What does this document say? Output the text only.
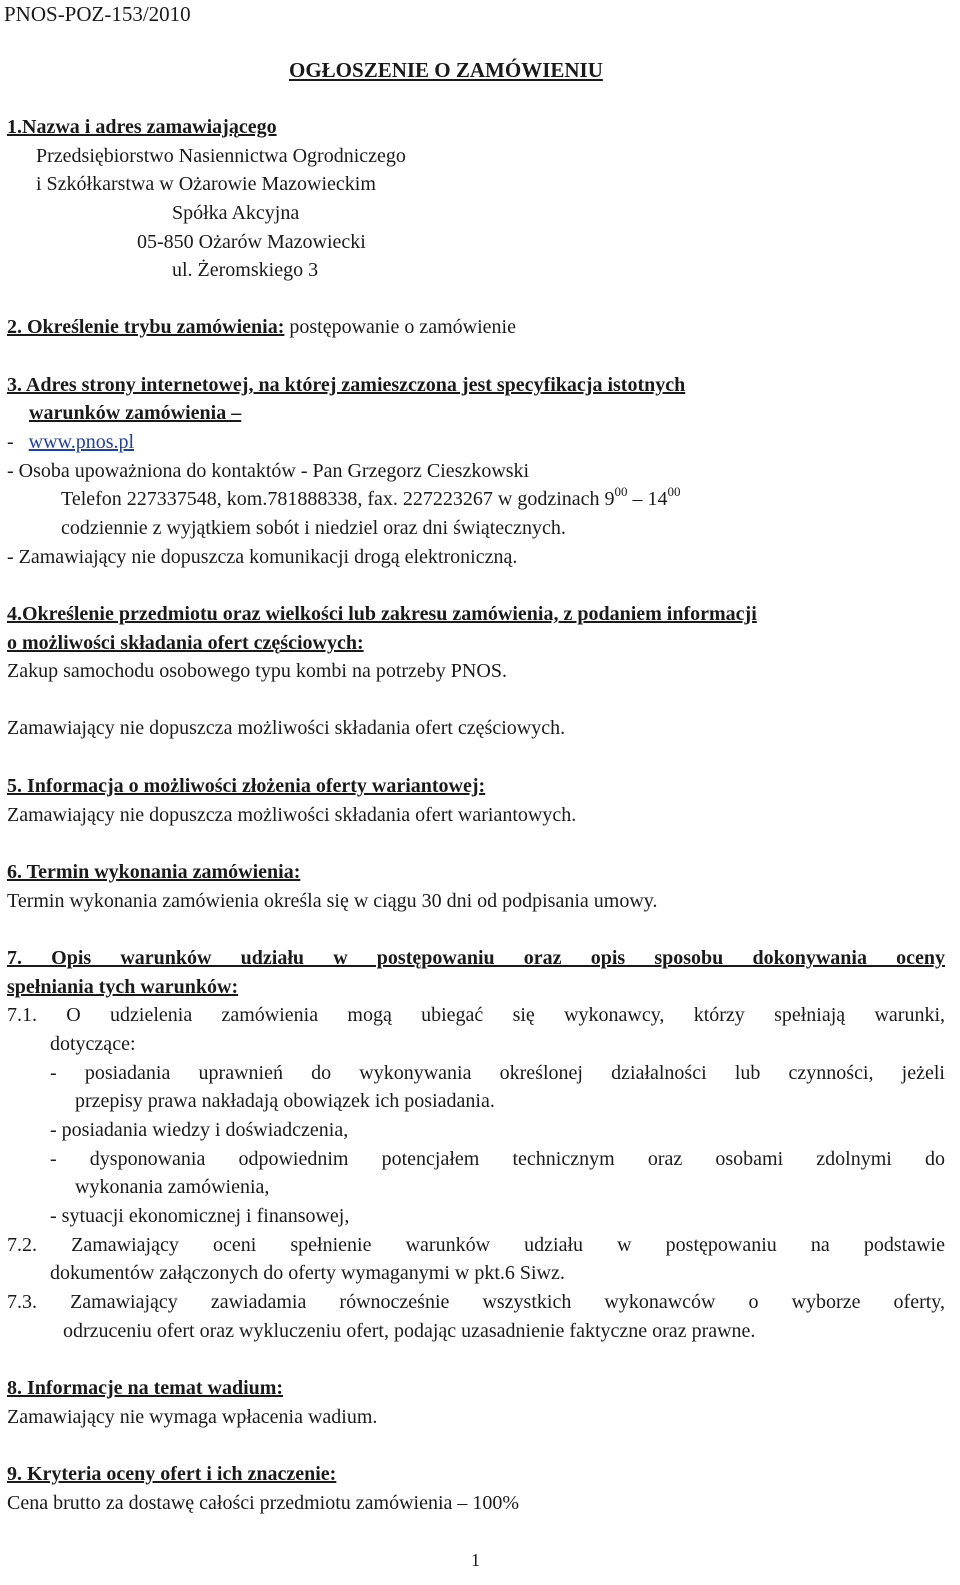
PNOS-POZ-153/2010
OGŁOSZENIE O ZAMÓWIENIU
1.Nazwa i adres zamawiającego
Przedsiębiorstwo Nasiennictwa Ogrodniczego
i Szkółkarstwa w Ożarowie Mazowieckim
Spółka Akcyjna
05-850 Ożarów Mazowiecki
ul. Żeromskiego 3
2. Określenie trybu zamówienia: postępowanie o zamówienie
3. Adres strony internetowej, na której zamieszczona jest specyfikacja istotnych
warunków zamówienia –
- www.pnos.pl
- Osoba upoważniona do kontaktów - Pan Grzegorz Cieszkowski
Telefon 227337548, kom.781888338, fax. 227223267 w godzinach $9^{00} - 14^{00}$
codziennie z wyjątkiem sobót i niedziel oraz dni świątecznych.
- Zamawiający nie dopuszcza komunikacji drogą elektroniczną.
4.Określenie przedmiotu oraz wielkości lub zakresu zamówienia, z podaniem informacji
o możliwości składania ofert częściowych:
Zakup samochodu osobowego typu kombi na potrzeby PNOS.
Zamawiający nie dopuszcza możliwości składania ofert częściowych.
5. Informacja o możliwości złożenia oferty wariantowej:
Zamawiający nie dopuszcza możliwości składania ofert wariantowych.
6. Termin wykonania zamówienia:
Termin wykonania zamówienia określa się w ciągu 30 dni od podpisania umowy.
7. Opis warunków udziału w postępowaniu oraz opis sposobu dokonywania oceny
spełniania tych warunków:
7.1. O udzielenia zamówienia mogą ubiegać się wykonawcy, którzy spełniają warunki,
dotyczące:
- posiadania uprawnień do wykonywania określonej działalności lub czynności, jeżeli
przepisy prawa nakładają obowiązek ich posiadania.
- posiadania wiedzy i doświadczenia,
- dysponowania odpowiednim potencjałem technicznym oraz osobami zdolnymi do
wykonania zamówienia,
- sytuacji ekonomicznej i finansowej,
7.2. Zamawiający oceni spełnienie warunków udziału w postępowaniu na podstawie
dokumentów załączonych do oferty wymaganymi w pkt.6 Siwz.
7.3. Zamawiający zawiadamia równocześnie wszystkich wykonawców o wyborze oferty,
odrzuceniu ofert oraz wykluczeniu ofert, podając uzasadnienie faktyczne oraz prawne.
8. Informacje na temat wadium:
Zamawiający nie wymaga wpłacenia wadium.
9. Kryteria oceny ofert i ich znaczenie:
Cena brutto za dostawę całości przedmiotu zamówienia – 100%
1
